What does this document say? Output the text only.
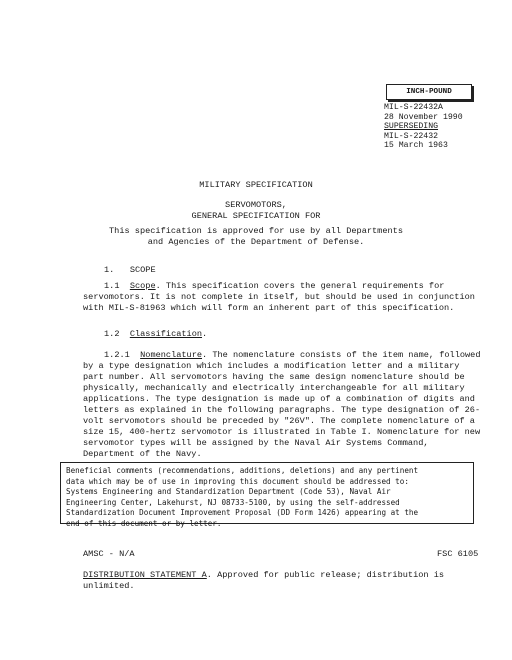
INCH-POUND
MIL-S-22432A
28 November 1990
SUPERSEDING
MIL-S-22432
15 March 1963
MILITARY SPECIFICATION
SERVOMOTORS,
GENERAL SPECIFICATION FOR
This specification is approved for use by all Departments
and Agencies of the Department of Defense.
1. SCOPE
1.1 Scope. This specification covers the general requirements for servomotors. It is not complete in itself, but should be used in conjunction with MIL-S-81963 which will form an inherent part of this specification.
1.2 Classification.
1.2.1 Nomenclature. The nomenclature consists of the item name, followed by a type designation which includes a modification letter and a military part number. All servomotors having the same design nomenclature should be physically, mechanically and electrically interchangeable for all military applications. The type designation is made up of a combination of digits and letters as explained in the following paragraphs. The type designation of 26-volt servomotors should be preceded by "26V". The complete nomenclature of a size 15, 400-hertz servomotor is illustrated in Table I. Nomenclature for new servomotor types will be assigned by the Naval Air Systems Command, Department of the Navy.
Beneficial comments (recommendations, additions, deletions) and any pertinent
data which may be of use in improving this document should be addressed to:
Systems Engineering and Standardization Department (Code 53), Naval Air
Engineering Center, Lakehurst, NJ 08733-5100, by using the self-addressed
Standardization Document Improvement Proposal (DD Form 1426) appearing at the
end of this document or by letter.
AMSC - N/A	FSC 6105
DISTRIBUTION STATEMENT A. Approved for public release; distribution is unlimited.
